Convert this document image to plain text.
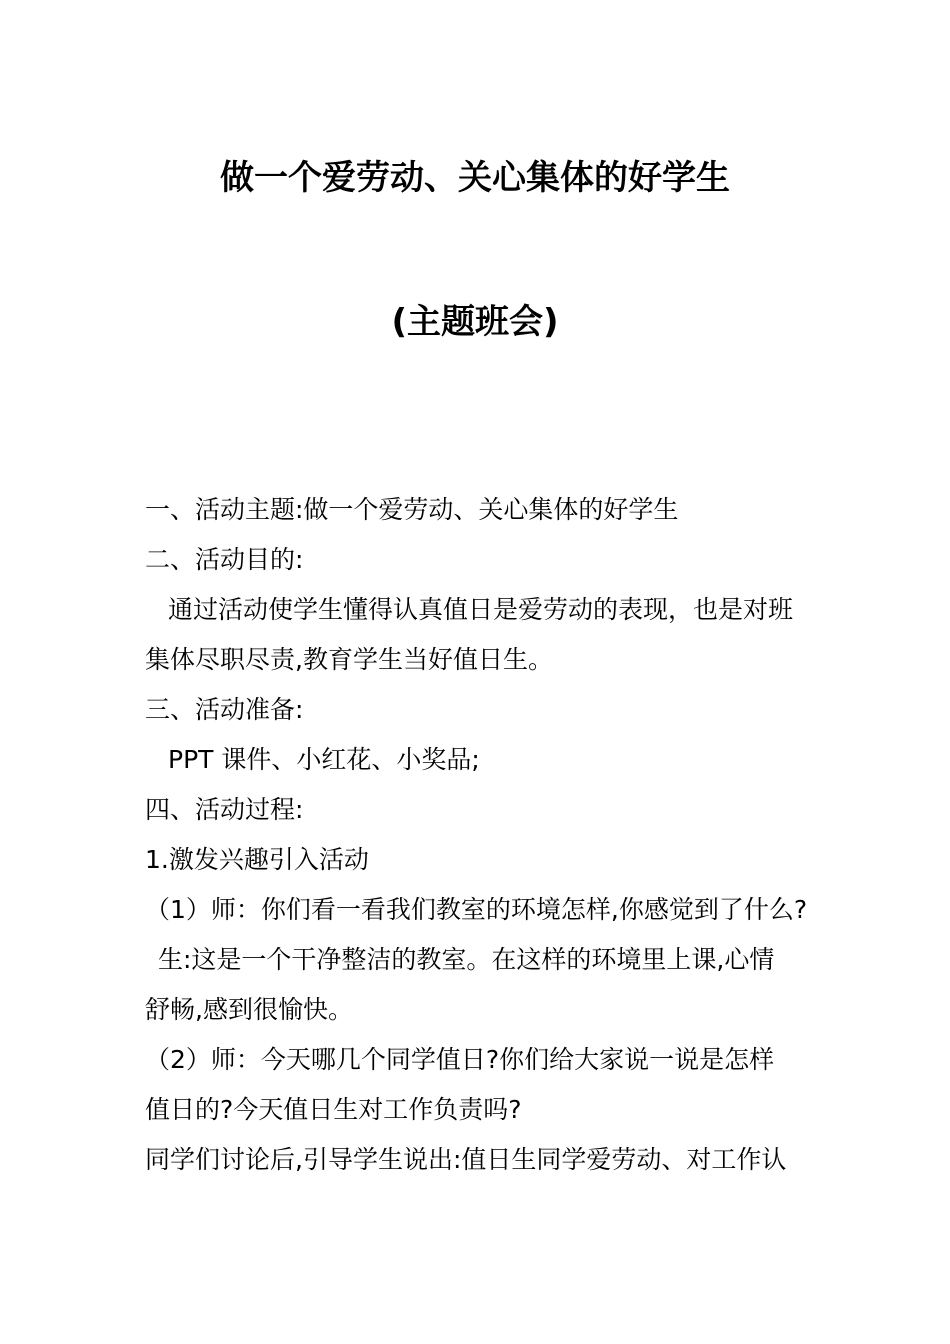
做一个爱劳动、关心集体的好学生
(主题班会)
一、活动主题:做一个爱劳动、关心集体的好学生
二、活动目的:
通过活动使学生懂得认真值日是爱劳动的表现，也是对班
集体尽职尽责,教育学生当好值日生。
三、活动准备:
PPT 课件、小红花、小奖品;
四、活动过程:
1.激发兴趣引入活动
（1）师：你们看一看我们教室的环境怎样,你感觉到了什么?
生:这是一个干净整洁的教室。在这样的环境里上课,心情
舒畅,感到很愉快。
（2）师：今天哪几个同学值日?你们给大家说一说是怎样
值日的?今天值日生对工作负责吗?
同学们讨论后,引导学生说出:值日生同学爱劳动、对工作认
